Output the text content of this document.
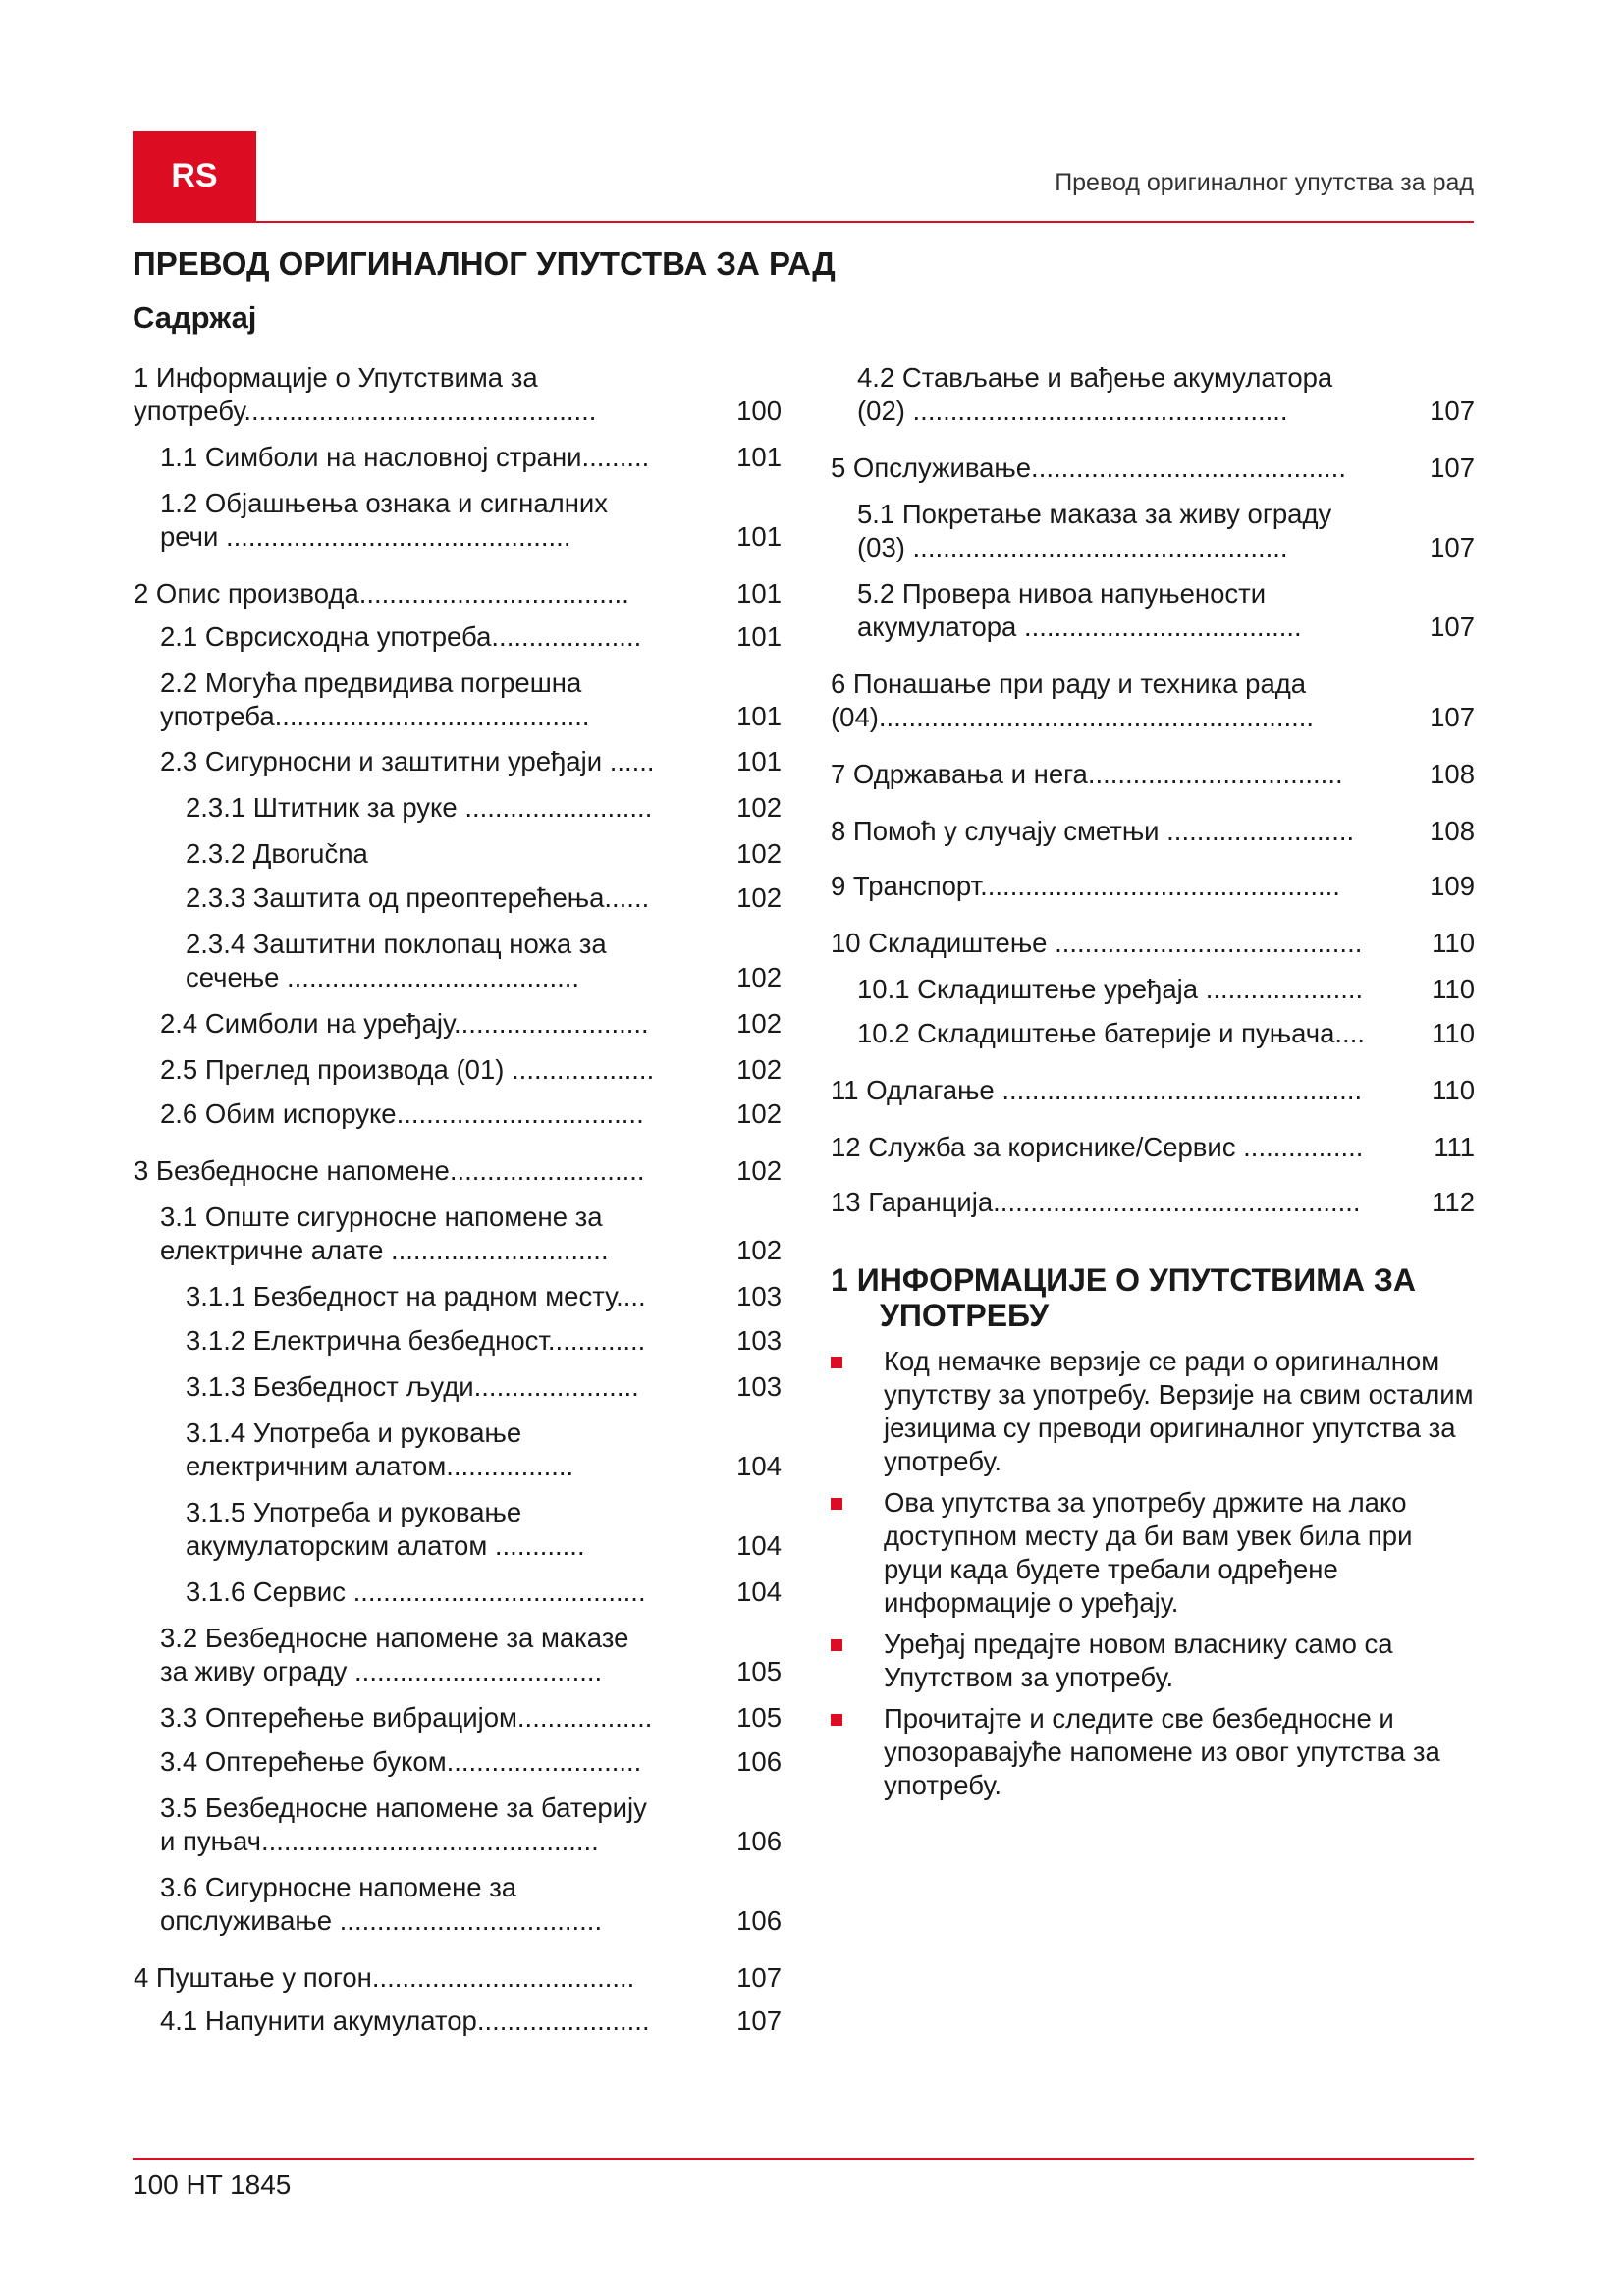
RS	Превод оригиналног упутства за рад
ПРЕВОД ОРИГИНАЛНОГ УПУТСТВА ЗА РАД
Садржај
1 Информације о Упутствима за
употребу...............................................	100
1.1 Симболи на насловној страни.........	101
1.2 Објашњења ознака и сигналних
речи ..............................................	101
2 Опис производа....................................	101
2.1 Сврсисходна употреба....................	101
2.2 Могућа предвидива погрешна
употреба..........................................	101
2.3 Сигурносни и заштитни уређаји ......	101
2.3.1 Штитник за руке .........................	102
2.3.2 Двоručna	102
2.3.3 Заштита од преоптерећења......	102
2.3.4 Заштитни поклопац ножа за
сечење .......................................	102
2.4 Симболи на уређају..........................	102
2.5 Преглед производа (01) ...................	102
2.6 Обим испоруке.................................	102
3 Безбедносне напомене..........................	102
3.1 Опште сигурносне напомене за
електричне алате .............................	102
3.1.1 Безбедност на радном месту....	103
3.1.2 Електрична безбедност.............	103
3.1.3 Безбедност људи......................	103
3.1.4 Употреба и руковање
електричним алатом.................	104
3.1.5 Употреба и руковање
акумулаторским алатом ............	104
3.1.6 Сервис .......................................	104
3.2 Безбедносне напомене за маказе
за живу ограду .................................	105
3.3 Оптерећење вибрацијом..................	105
3.4 Оптерећење буком..........................	106
3.5 Безбедносне напомене за батерију
и пуњач.............................................	106
3.6 Сигурносне напомене за
опслуживање ...................................	106
4 Пуштање у погон...................................	107
4.1 Напунити акумулатор.......................	107
4.2 Стављање и вађење акумулатора
(02) ..................................................	107
5 Опслуживање..........................................	107
5.1 Покретање маказа за живу ограду
(03) ..................................................	107
5.2 Провера нивоа напуњености
акумулатора .....................................	107
6 Понашање при раду и техника рада
(04)..........................................................	107
7 Одржавања и нега..................................	108
8 Помоћ у случају сметњи .........................	108
9 Транспорт................................................	109
10 Складиштење .........................................	110
10.1 Складиштење уређаја .....................	110
10.2 Складиштење батерије и пуњача.... 110
11 Одлагање ................................................	110
12 Служба за кориснике/Сервис ................	111
13 Гаранција.................................................	112
1 ИНФОРМАЦИЈЕ О УПУТСТВИМА ЗА УПОТРЕБУ
Код немачке верзије се ради о оригиналном упутству за употребу. Верзије на свим осталим језицима су преводи оригиналног упутства за употребу.
Ова упутства за употребу држите на лако доступном месту да би вам увек била при руци када будете требали одређене информације о уређају.
Уређај предајте новом власнику само са Упутством за употребу.
Прочитајте и следите све безбедносне и упозоравајуће напомене из овог упутства за употребу.
100 HT 1845
